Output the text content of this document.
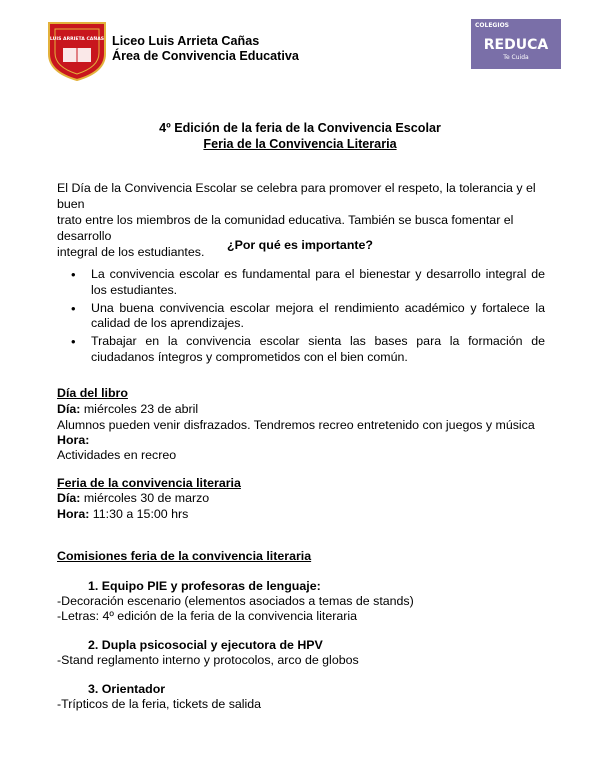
LUIS ARRIETA CAÑAS Liceo Luis Arrieta Cañas
Área de Convivencia Educativa
COLEGIOS
REDUCA
Te Cuida
4º Edición de la feria de la Convivencia Escolar
Feria de la Convivencia Literaria
El Día de la Convivencia Escolar se celebra para promover el respeto, la tolerancia y el buen
trato entre los miembros de la comunidad educativa. También se busca fomentar el desarrollo
integral de los estudiantes.	¿Por qué es importante?
• La convivencia escolar es fundamental para el bienestar y desarrollo integral de los estudiantes.
• Una buena convivencia escolar mejora el rendimiento académico y fortalece la calidad de los aprendizajes.
• Trabajar en la convivencia escolar sienta las bases para la formación de ciudadanos íntegros y comprometidos con el bien común.
Día del libro
Día: miércoles 23 de abril
Alumnos pueden venir disfrazados. Tendremos recreo entretenido con juegos y música
Hora:
Actividades en recreo
Feria de la convivencia literaria
Día: miércoles 30 de marzo
Hora: 11:30 a 15:00 hrs
Comisiones feria de la convivencia literaria
1. Equipo PIE y profesoras de lenguaje:
-Decoración escenario (elementos asociados a temas de stands)
-Letras: 4º edición de la feria de la convivencia literaria
2. Dupla psicosocial y ejecutora de HPV
-Stand reglamento interno y protocolos, arco de globos
3. Orientador
-Trípticos de la feria, tickets de salida
